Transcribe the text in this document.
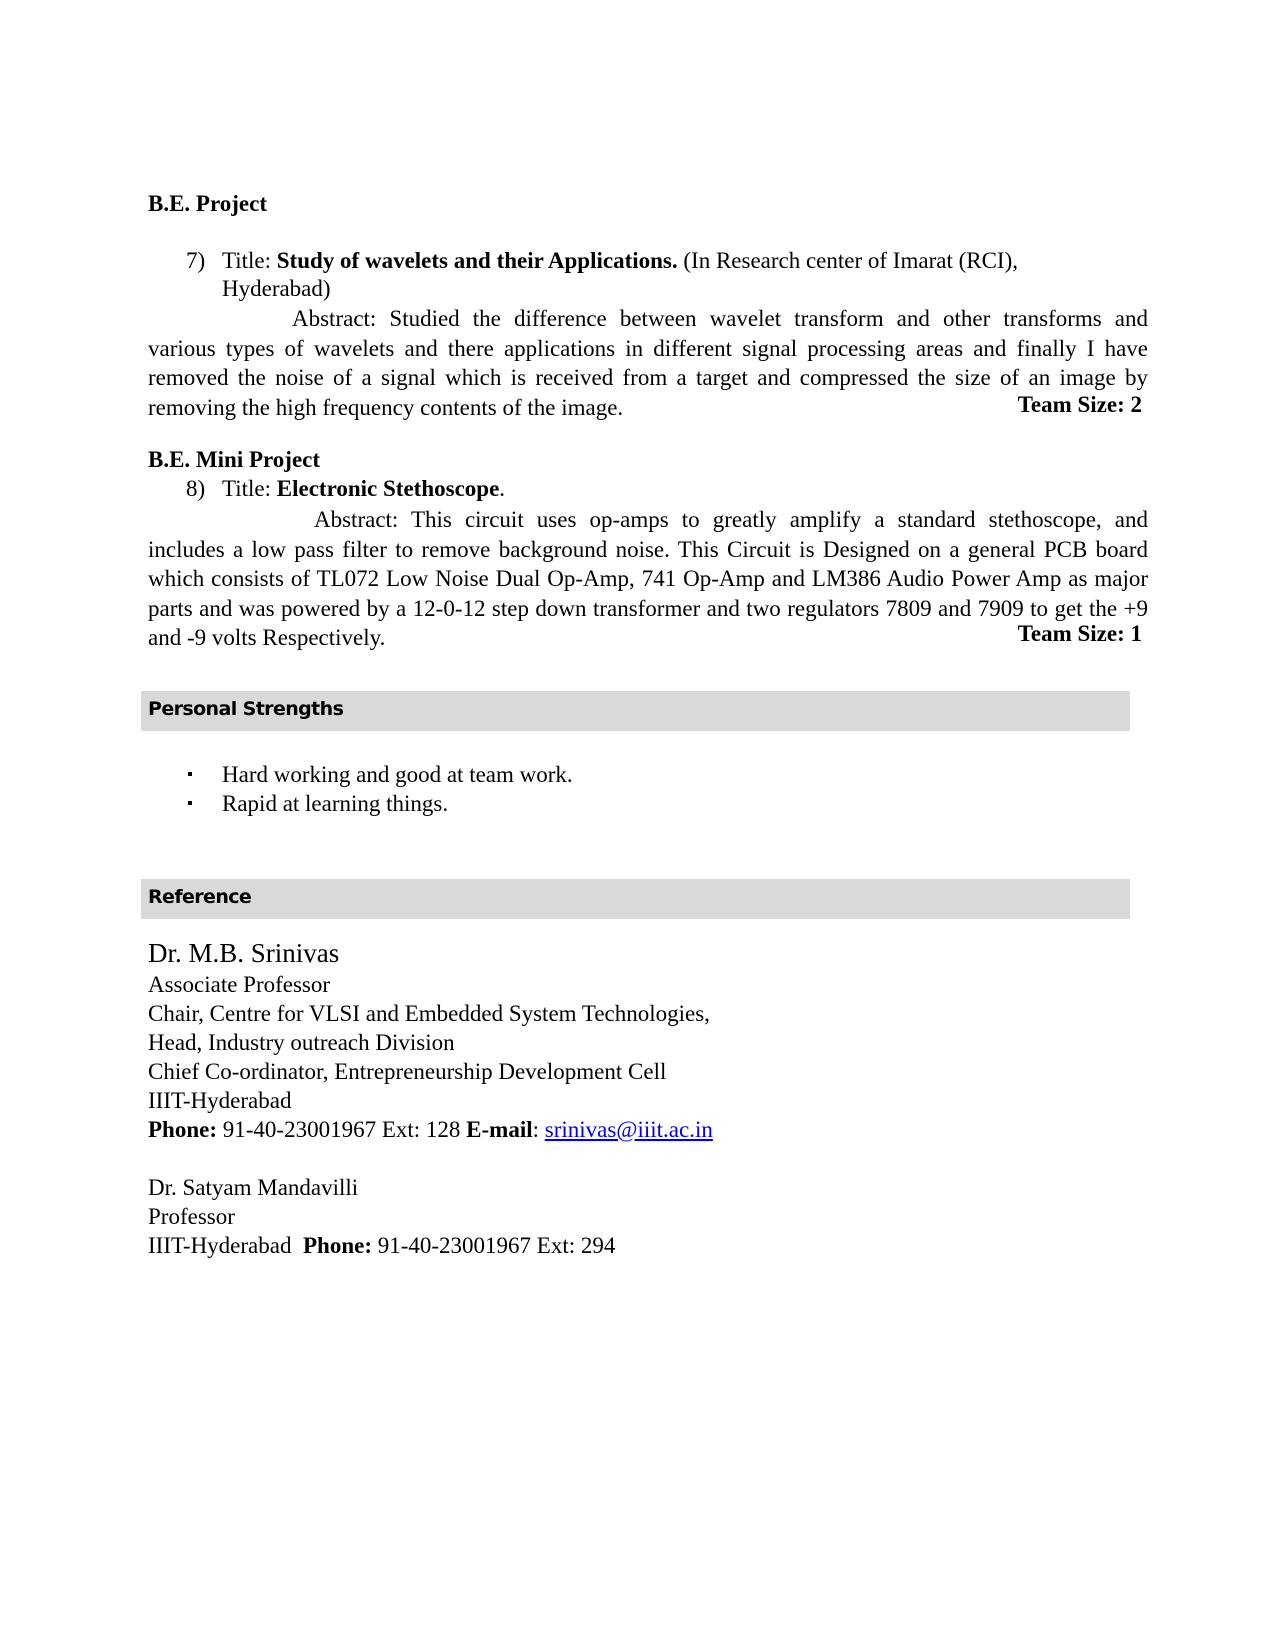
B.E. Project
7) Title: Study of wavelets and their Applications. (In Research center of Imarat (RCI),
Hyderabad)
Abstract: Studied the difference between wavelet transform and other transforms and various types of wavelets and there applications in different signal processing areas and finally I have removed the noise of a signal which is received from a target and compressed the size of an image by removing the high frequency contents of the image.	Team Size: 2
B.E. Mini Project
8) Title: Electronic Stethoscope.
Abstract: This circuit uses op-amps to greatly amplify a standard stethoscope, and includes a low pass filter to remove background noise. This Circuit is Designed on a general PCB board which consists of TL072 Low Noise Dual Op-Amp, 741 Op-Amp and LM386 Audio Power Amp as major parts and was powered by a 12-0-12 step down transformer and two regulators 7809 and 7909 to get the +9 and -9 volts Respectively.	Team Size: 1
Personal Strengths
Hard working and good at team work.
Rapid at learning things.
Reference
Dr. M.B. Srinivas
Associate Professor
Chair, Centre for VLSI and Embedded System Technologies,
Head, Industry outreach Division
Chief Co-ordinator, Entrepreneurship Development Cell
IIIT-Hyderabad
Phone: 91-40-23001967 Ext: 128 E-mail: srinivas@iiit.ac.in
Dr. Satyam Mandavilli
Professor
IIIT-Hyderabad  Phone: 91-40-23001967 Ext: 294
